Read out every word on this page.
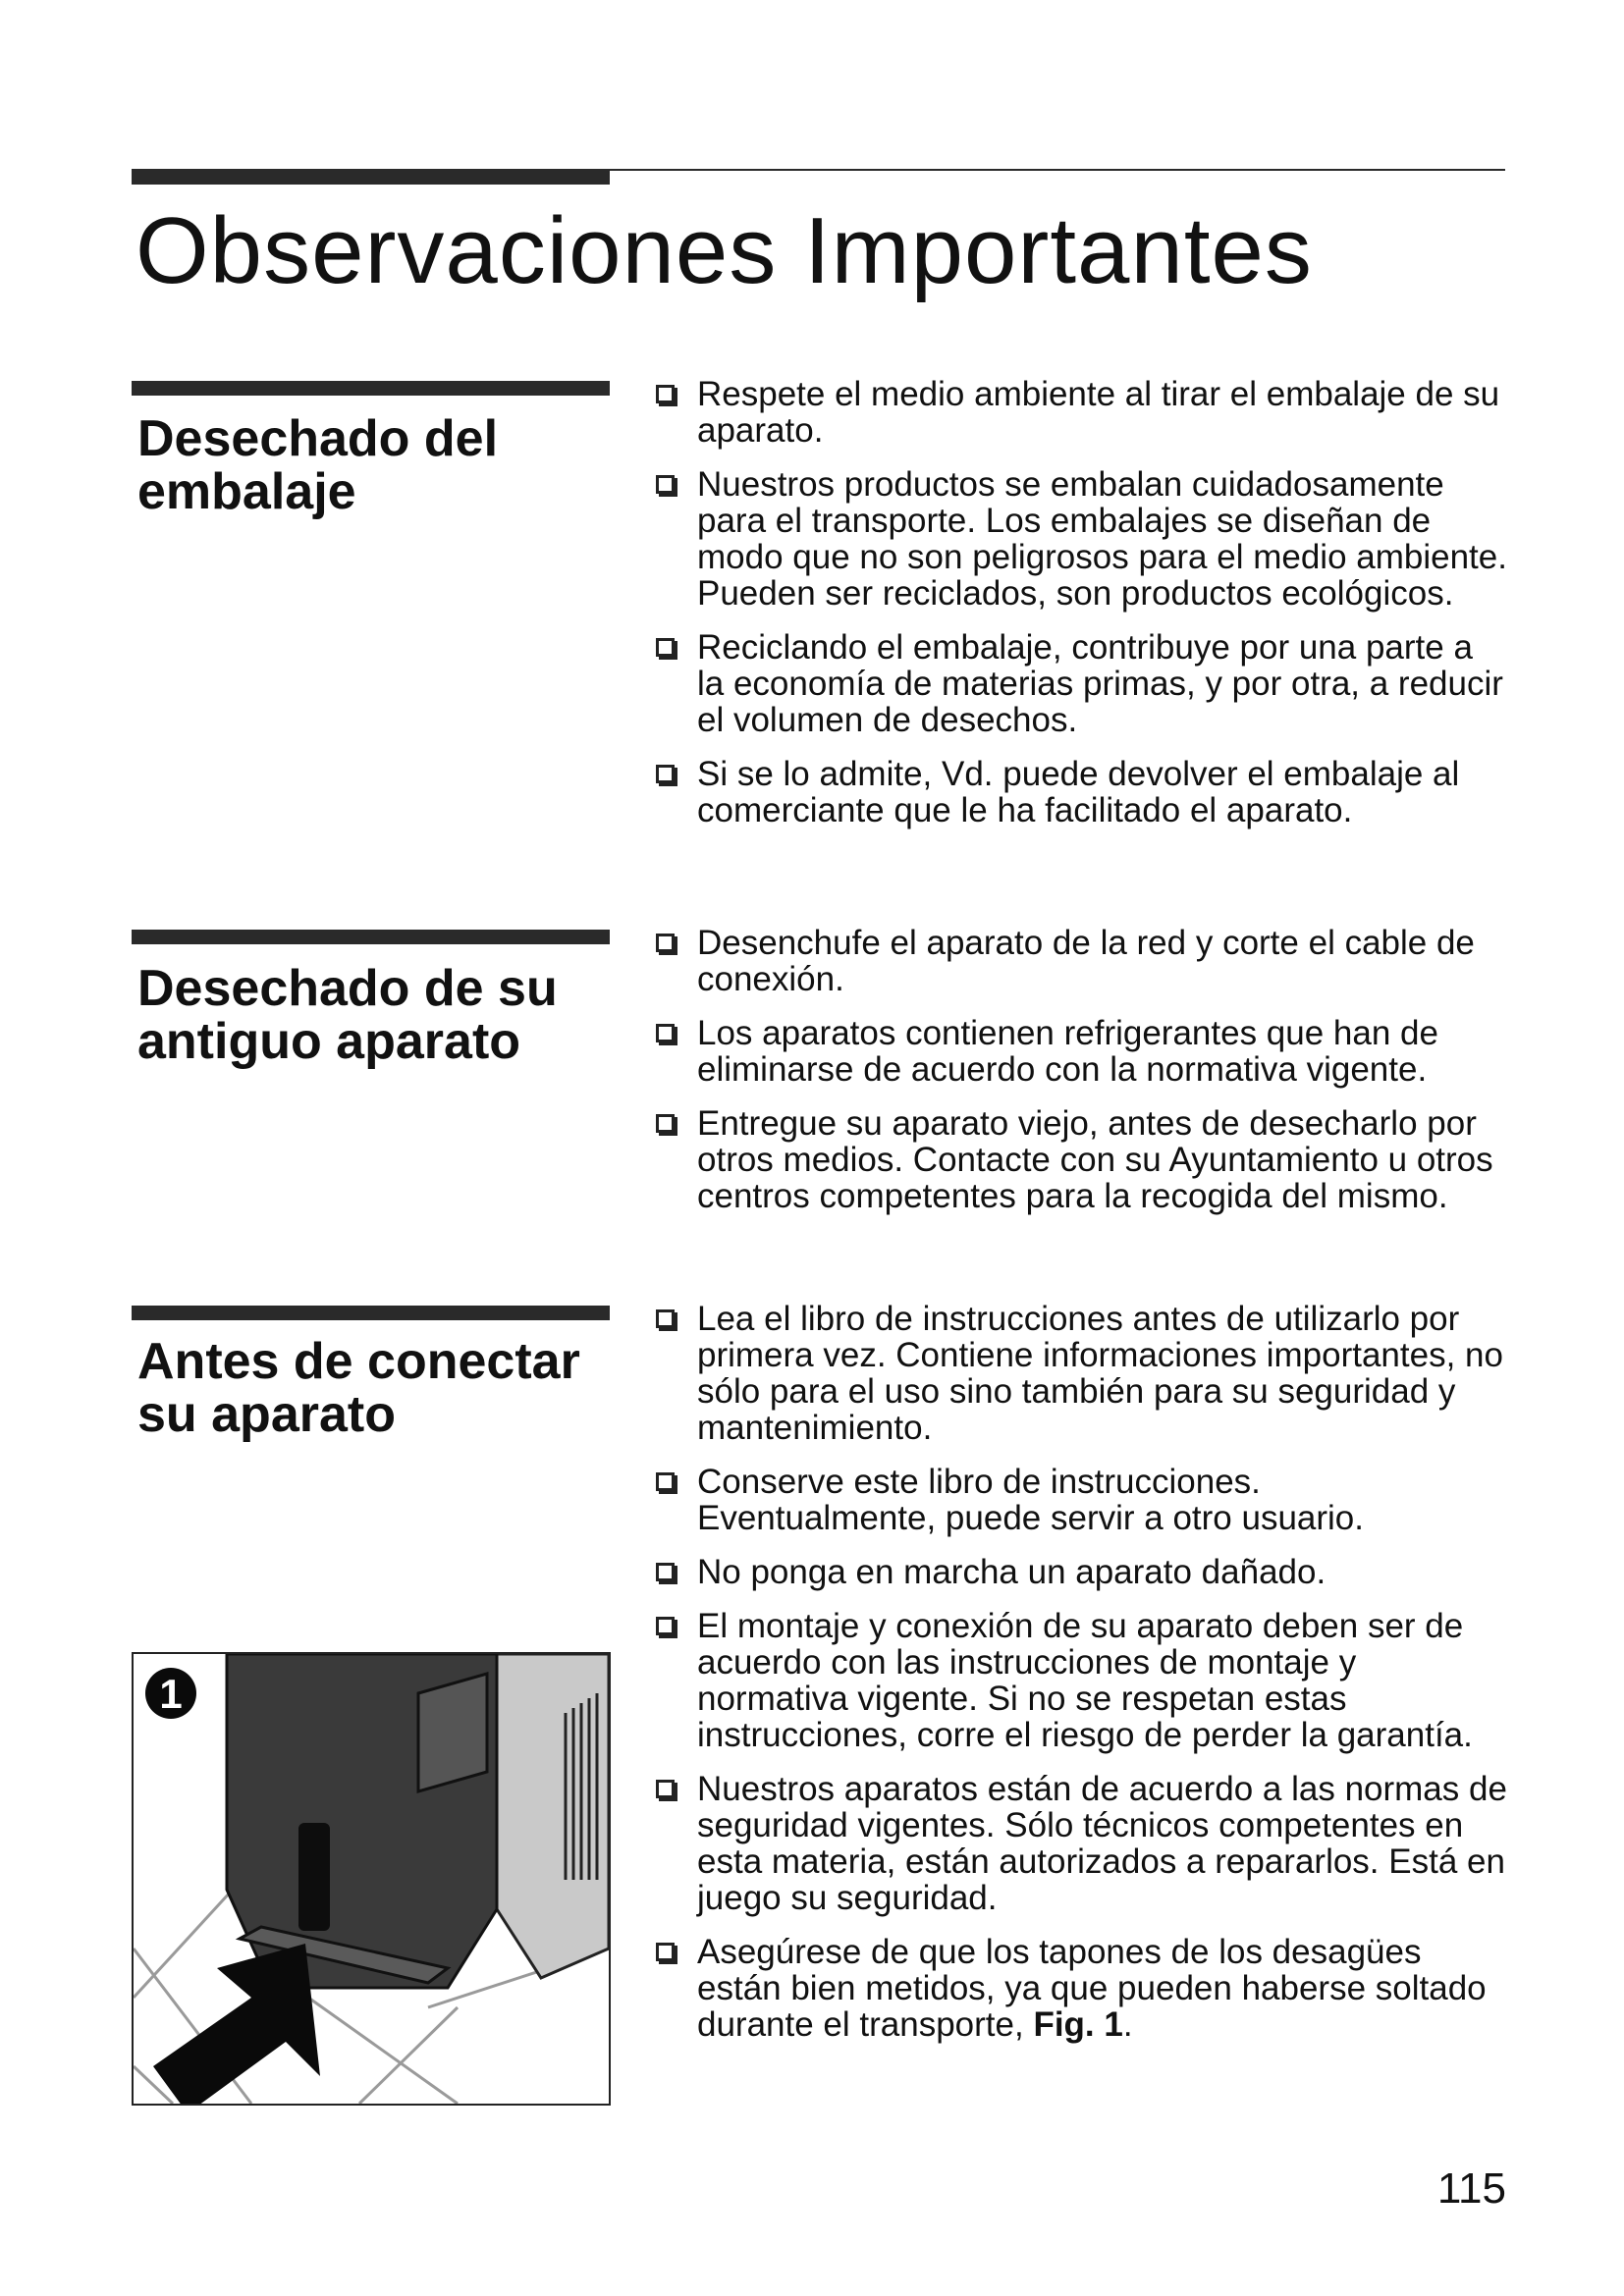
Observaciones Importantes
Desechado del embalaje
Respete el medio ambiente al tirar el embalaje de su aparato.
Nuestros productos se embalan cuidadosamente para el transporte. Los embalajes se diseñan de modo que no son peligrosos para el medio ambiente. Pueden ser reciclados, son productos ecológicos.
Reciclando el embalaje, contribuye por una parte a la economía de materias primas, y por otra, a reducir el volumen de desechos.
Si se lo admite, Vd. puede devolver el embalaje al comerciante que le ha facilitado el aparato.
Desechado de su antiguo aparato
Desenchufe el aparato de la red y corte el cable de conexión.
Los aparatos contienen refrigerantes que han de eliminarse de acuerdo con la normativa vigente.
Entregue su aparato viejo, antes de desecharlo por otros medios. Contacte con su Ayuntamiento u otros centros competentes para la recogida del mismo.
Antes de conectar su aparato
Lea el libro de instrucciones antes de utilizarlo por primera vez. Contiene informaciones importantes, no sólo para el uso sino también para su seguridad y mantenimiento.
Conserve este libro de instrucciones. Eventualmente, puede servir a otro usuario.
No ponga en marcha un aparato dañado.
El montaje y conexión de su aparato deben ser de acuerdo con las instrucciones de montaje y normativa vigente. Si no se respetan estas instrucciones, corre el riesgo de perder la garantía.
Nuestros aparatos están de acuerdo a las normas de seguridad vigentes. Sólo técnicos competentes en esta materia, están autorizados a repararlos. Está en juego su seguridad.
Asegúrese de que los tapones de los desagües están bien metidos, ya que pueden haberse soltado durante el transporte, Fig. 1.
1
115
